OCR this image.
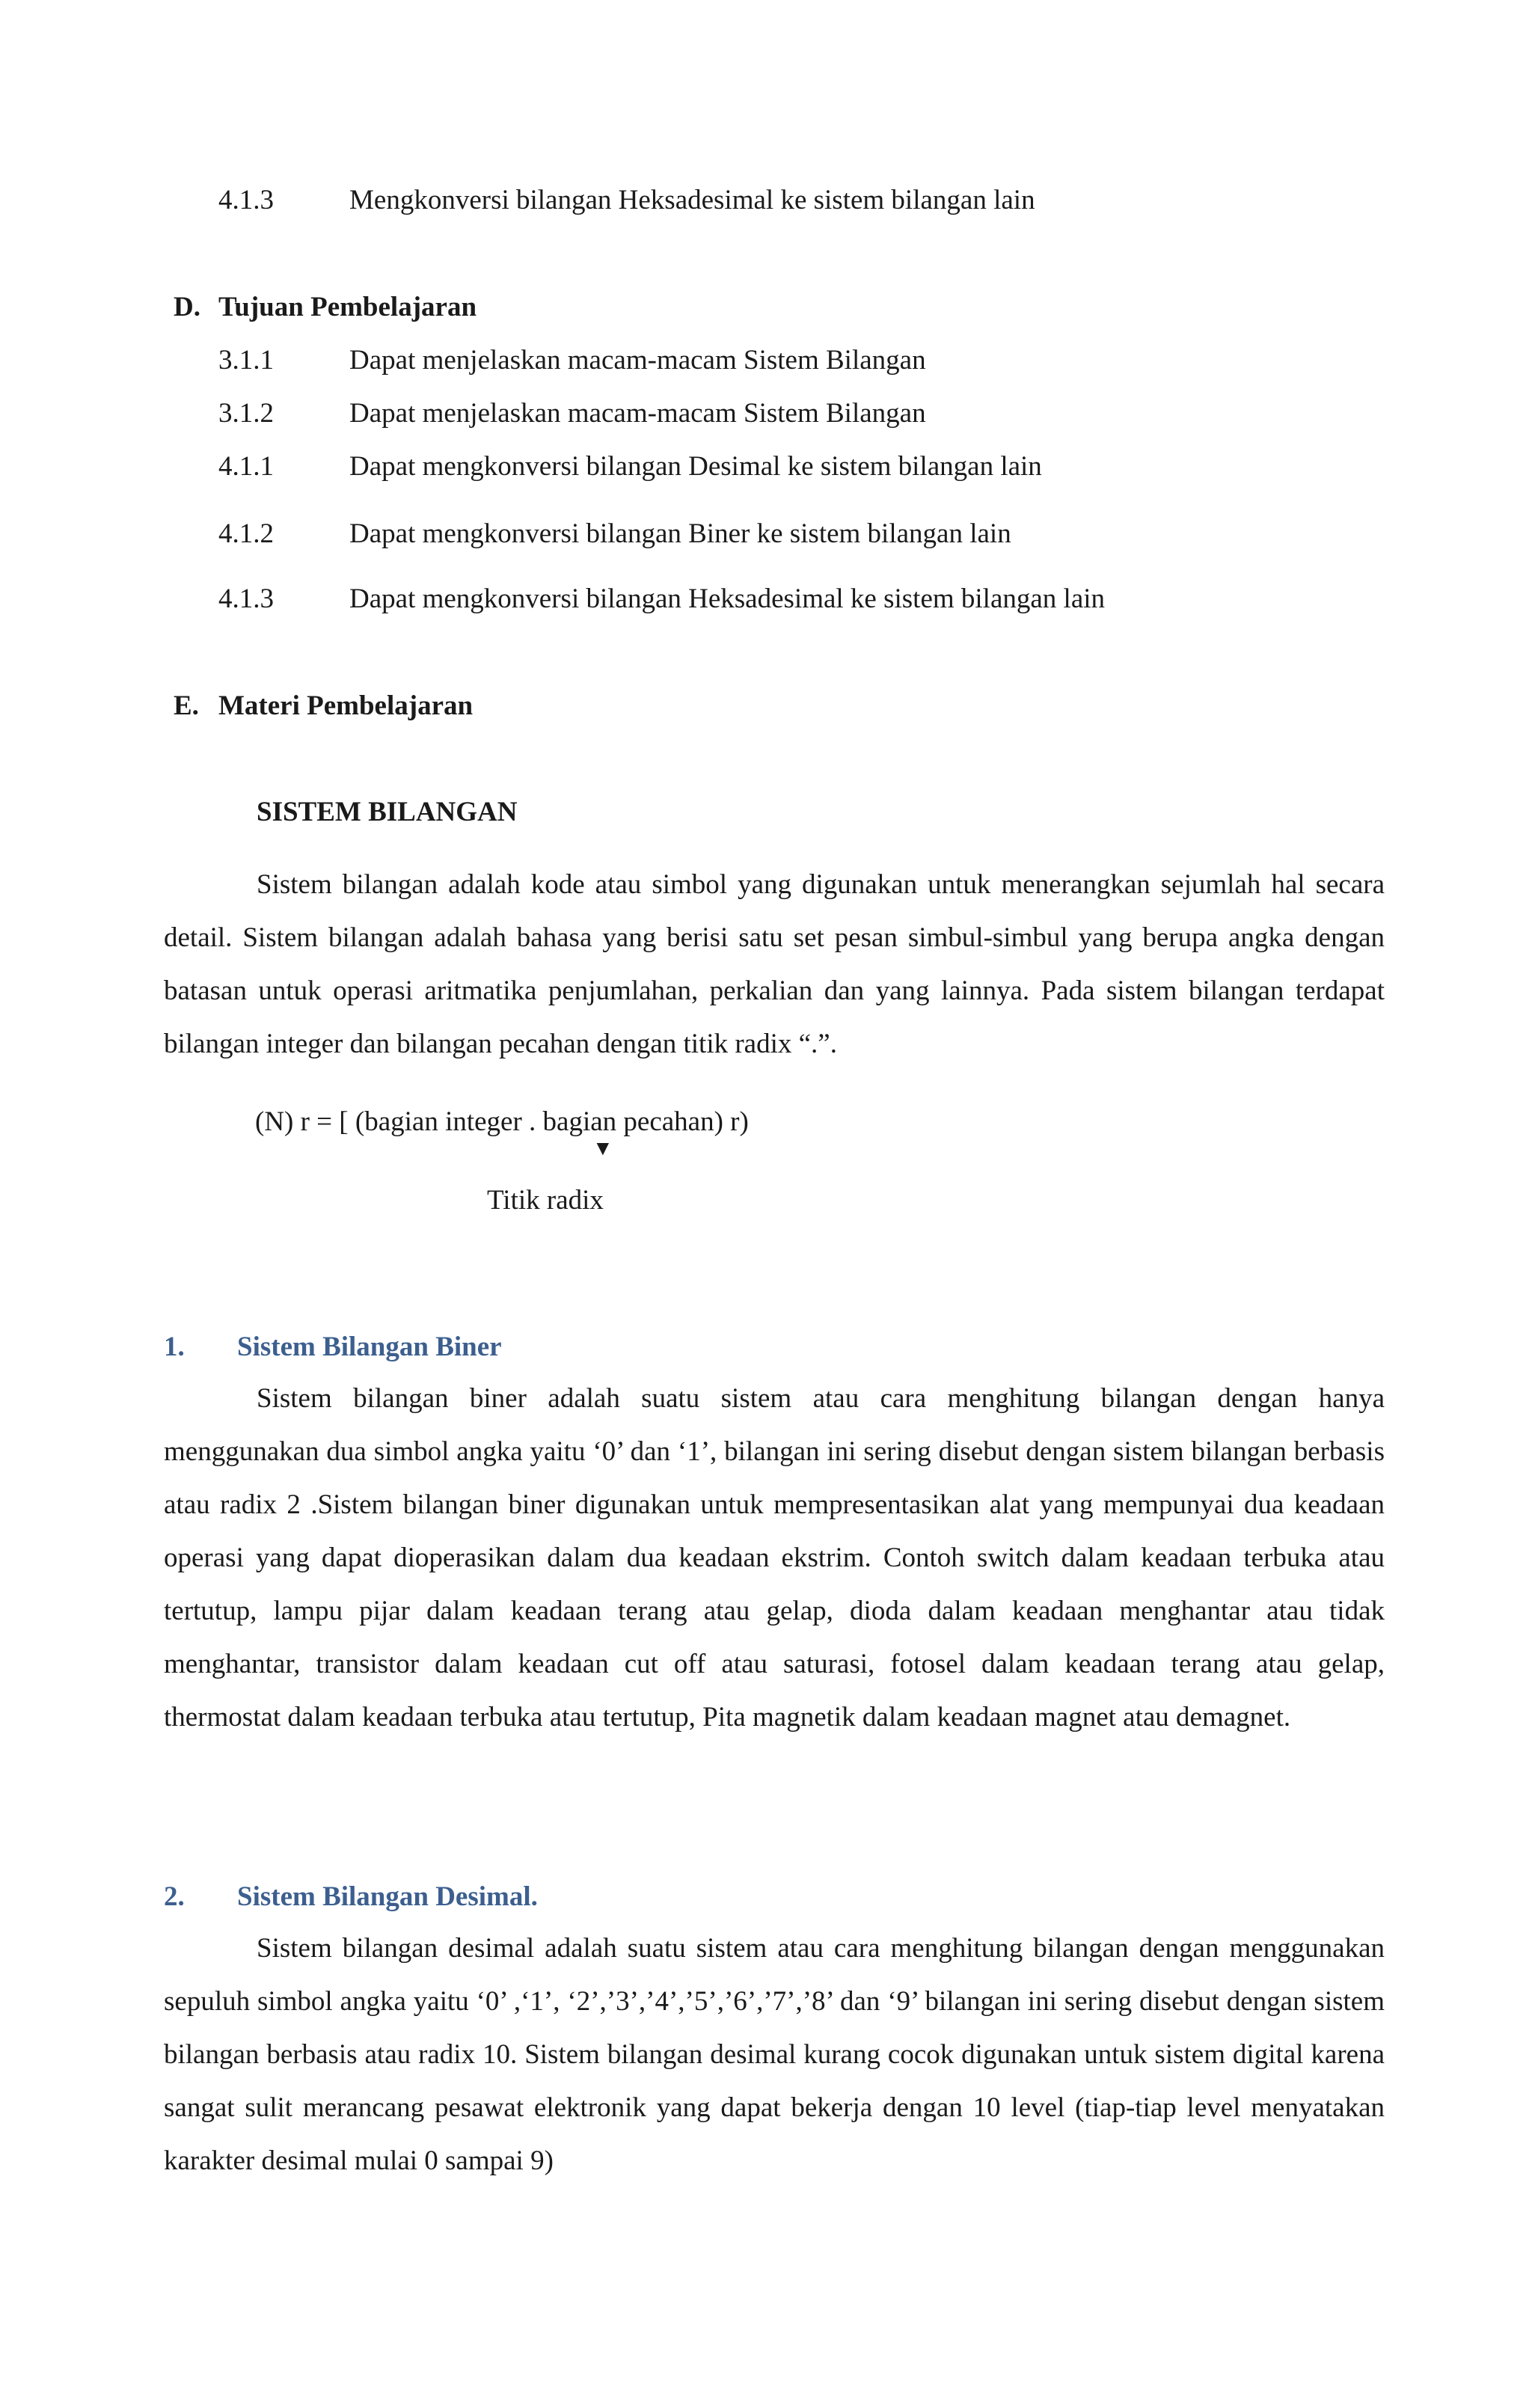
4.1.3	Mengkonversi bilangan Heksadesimal ke sistem bilangan lain
D. Tujuan Pembelajaran
3.1.1	Dapat menjelaskan macam-macam Sistem Bilangan
3.1.2	Dapat menjelaskan macam-macam Sistem Bilangan
4.1.1	Dapat mengkonversi bilangan Desimal ke sistem bilangan lain
4.1.2	Dapat mengkonversi bilangan Biner ke sistem bilangan lain
4.1.3	Dapat mengkonversi bilangan Heksadesimal ke sistem bilangan lain
E. Materi Pembelajaran
SISTEM BILANGAN

Sistem bilangan adalah kode atau simbol yang digunakan untuk menerangkan sejumlah hal secara detail. Sistem bilangan adalah bahasa yang berisi satu set pesan simbul-simbul yang berupa angka dengan batasan untuk operasi aritmatika penjumlahan, perkalian dan yang lainnya. Pada sistem bilangan terdapat bilangan integer dan bilangan pecahan dengan titik radix “.”.

(N) r = [ (bagian integer . bagian pecahan) r)
▼
Titik radix
1. Sistem Bilangan Biner

Sistem bilangan biner adalah suatu sistem atau cara menghitung bilangan dengan hanya menggunakan dua simbol angka yaitu ‘0’ dan ‘1’, bilangan ini sering disebut dengan sistem bilangan berbasis atau radix 2 .Sistem bilangan biner digunakan untuk mempresentasikan alat yang mempunyai dua keadaan operasi yang dapat dioperasikan dalam dua keadaan ekstrim. Contoh switch dalam keadaan terbuka atau tertutup, lampu pijar dalam keadaan terang atau gelap, dioda dalam keadaan menghantar atau tidak menghantar, transistor dalam keadaan cut off atau saturasi, fotosel dalam keadaan terang atau gelap, thermostat dalam keadaan terbuka atau tertutup, Pita magnetik dalam keadaan magnet atau demagnet.

2. Sistem Bilangan Desimal.

Sistem bilangan desimal adalah suatu sistem atau cara menghitung bilangan dengan menggunakan sepuluh simbol angka yaitu ‘0’ ,‘1’, ‘2’,’3’,’4’,’5’,’6’,’7’,’8’ dan ‘9’ bilangan ini sering disebut dengan sistem bilangan berbasis atau radix 10. Sistem bilangan desimal kurang cocok digunakan untuk sistem digital karena sangat sulit merancang pesawat elektronik yang dapat bekerja dengan 10 level (tiap-tiap level menyatakan karakter desimal mulai 0 sampai 9)
